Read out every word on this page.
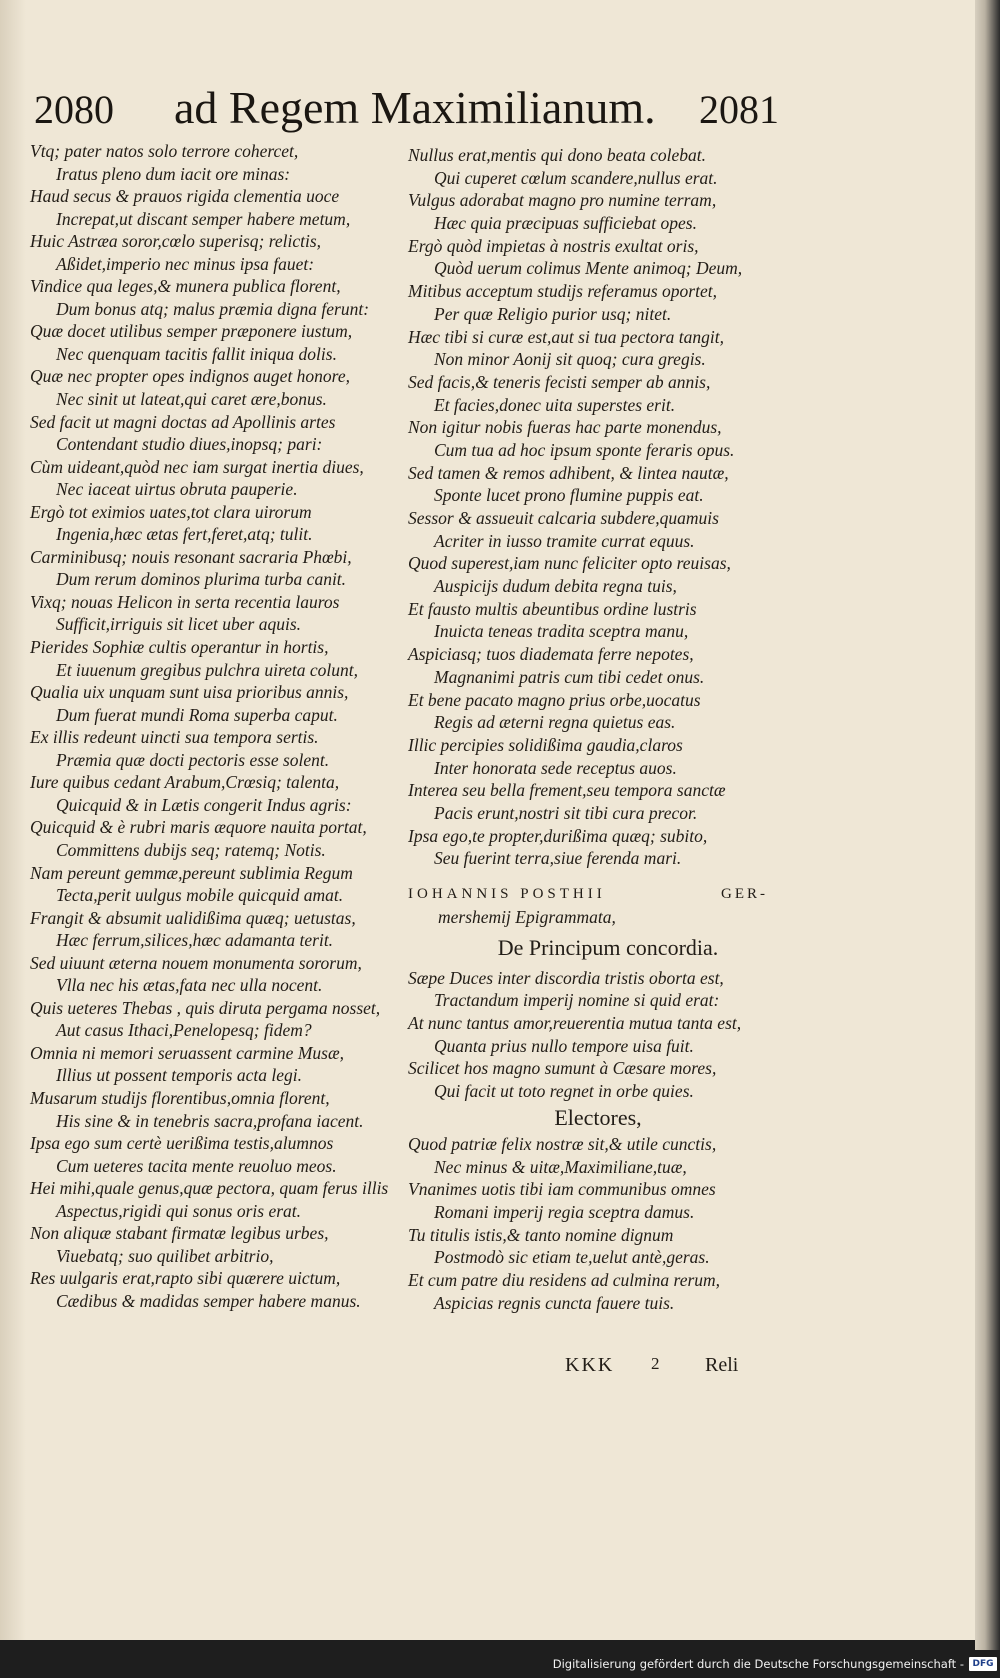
2080 ad Regem Maximilianum. 2081
Vtq; pater natos solo terrore cohercet,
Iratus pleno dum iacit ore minas:
Haud secus & prauos rigida clementia uoce
Increpat,ut discant semper habere metum,
Huic Astræa soror,cœlo superisq; relictis,
Aßidet,imperio nec minus ipsa fauet:
Vindice qua leges,& munera publica florent,
Dum bonus atq; malus præmia digna ferunt:
Quæ docet utilibus semper præponere iustum,
Nec quenquam tacitis fallit iniqua dolis.
Quæ nec propter opes indignos auget honore,
Nec sinit ut lateat,qui caret ære,bonus.
Sed facit ut magni doctas ad Apollinis artes
Contendant studio diues,inopsq; pari:
Cùm uideant,quòd nec iam surgat inertia diues,
Nec iaceat uirtus obruta pauperie.
Ergò tot eximios uates,tot clara uirorum
Ingenia,hæc ætas fert,feret,atq; tulit.
Carminibusq; nouis resonant sacraria Phœbi,
Dum rerum dominos plurima turba canit.
Vixq; nouas Helicon in serta recentia lauros
Sufficit,irriguis sit licet uber aquis.
Pierides Sophiæ cultis operantur in hortis,
Et iuuenum gregibus pulchra uireta colunt,
Qualia uix unquam sunt uisa prioribus annis,
Dum fuerat mundi Roma superba caput.
Ex illis redeunt uincti sua tempora sertis.
Præmia quæ docti pectoris esse solent.
Iure quibus cedant Arabum,Crœsiq; talenta,
Quicquid & in Lætis congerit Indus agris:
Quicquid & è rubri maris æquore nauita portat,
Committens dubijs seq; ratemq; Notis.
Nam pereunt gemmæ,pereunt sublimia Regum
Tecta,perit uulgus mobile quicquid amat.
Frangit & absumit ualidißima quæq; uetustas,
Hæc ferrum,silices,hæc adamanta terit.
Sed uiuunt æterna nouem monumenta sororum,
Vlla nec his ætas,fata nec ulla nocent.
Quis ueteres Thebas , quis diruta pergama nosset,
Aut casus Ithaci,Penelopesq; fidem?
Omnia ni memori seruassent carmine Musæ,
Illius ut possent temporis acta legi.
Musarum studijs florentibus,omnia florent,
His sine & in tenebris sacra,profana iacent.
Ipsa ego sum certè uerißima testis,alumnos
Cum ueteres tacita mente reuoluo meos.
Hei mihi,quale genus,quæ pectora, quam ferus illis
Aspectus,rigidi qui sonus oris erat.
Non aliquæ stabant firmatæ legibus urbes,
Viuebatq; suo quilibet arbitrio,
Res uulgaris erat,rapto sibi quærere uictum,
Cædibus & madidas semper habere manus.
Nullus erat,mentis qui dono beata colebat.
Qui cuperet cœlum scandere,nullus erat.
Vulgus adorabat magno pro numine terram,
Hæc quia præcipuas sufficiebat opes.
Ergò quòd impietas à nostris exultat oris,
Quòd uerum colimus Mente animoq; Deum,
Mitibus acceptum studijs referamus oportet,
Per quæ Religio purior usq; nitet.
Hæc tibi si curæ est,aut si tua pectora tangit,
Non minor Aonij sit quoq; cura gregis.
Sed facis,& teneris fecisti semper ab annis,
Et facies,donec uita superstes erit.
Non igitur nobis fueras hac parte monendus,
Cum tua ad hoc ipsum sponte feraris opus.
Sed tamen & remos adhibent, & lintea nautæ,
Sponte lucet prono flumine puppis eat.
Sessor & assueuit calcaria subdere,quamuis
Acriter in iusso tramite currat equus.
Quod superest,iam nunc feliciter opto reuisas,
Auspicijs dudum debita regna tuis,
Et fausto multis abeuntibus ordine lustris
Inuicta teneas tradita sceptra manu,
Aspiciasq; tuos diademata ferre nepotes,
Magnanimi patris cum tibi cedet onus.
Et bene pacato magno prius orbe,uocatus
Regis ad æterni regna quietus eas.
Illic percipies solidißima gaudia,claros
Inter honorata sede receptus auos.
Interea seu bella frement,seu tempora sanctæ
Pacis erunt,nostri sit tibi cura precor.
Ipsa ego,te propter,durißima quæq; subito,
Seu fuerint terra,siue ferenda mari.
IOHANNIS POSTHII	GER-
mershemij Epigrammata,
De Principum concordia.
Sæpe Duces inter discordia tristis oborta est,
Tractandum imperij nomine si quid erat:
At nunc tantus amor,reuerentia mutua tanta est,
Quanta prius nullo tempore uisa fuit.
Scilicet hos magno sumunt à Cæsare mores,
Qui facit ut toto regnet in orbe quies.
Electores,
Quod patriæ felix nostræ sit,& utile cunctis,
Nec minus & uitæ,Maximiliane,tuæ,
Vnanimes uotis tibi iam communibus omnes
Romani imperij regia sceptra damus.
Tu titulis istis,& tanto nomine dignum
Postmodò sic etiam te,uelut antè,geras.
Et cum patre diu residens ad culmina rerum,
Aspicias regnis cuncta fauere tuis.
KKK 2 Reli
Digitalisierung gefördert durch die Deutsche Forschungsgemeinschaft - DFG
